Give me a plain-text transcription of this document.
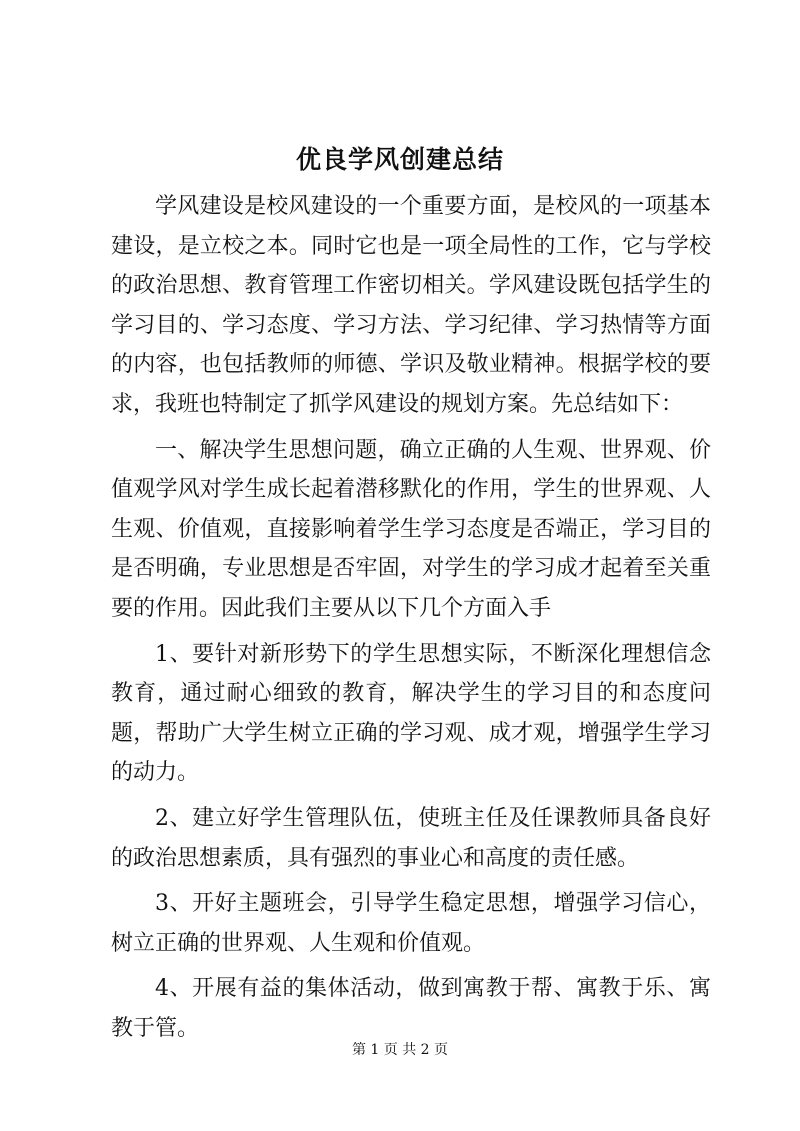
优良学风创建总结

学风建设是校风建设的一个重要方面，是校风的一项基本建设，是立校之本。同时它也是一项全局性的工作，它与学校的政治思想、教育管理工作密切相关。学风建设既包括学生的学习目的、学习态度、学习方法、学习纪律、学习热情等方面的内容，也包括教师的师德、学识及敬业精神。根据学校的要求，我班也特制定了抓学风建设的规划方案。先总结如下：

一、解决学生思想问题，确立正确的人生观、世界观、价值观学风对学生成长起着潜移默化的作用，学生的世界观、人生观、价值观，直接影响着学生学习态度是否端正，学习目的是否明确，专业思想是否牢固，对学生的学习成才起着至关重要的作用。因此我们主要从以下几个方面入手

1、要针对新形势下的学生思想实际，不断深化理想信念教育，通过耐心细致的教育，解决学生的学习目的和态度问题，帮助广大学生树立正确的学习观、成才观，增强学生学习的动力。

2、建立好学生管理队伍，使班主任及任课教师具备良好的政治思想素质，具有强烈的事业心和高度的责任感。

3、开好主题班会，引导学生稳定思想，增强学习信心，树立正确的世界观、人生观和价值观。

4、开展有益的集体活动，做到寓教于帮、寓教于乐、寓教于管。

第 1 页 共 2 页
